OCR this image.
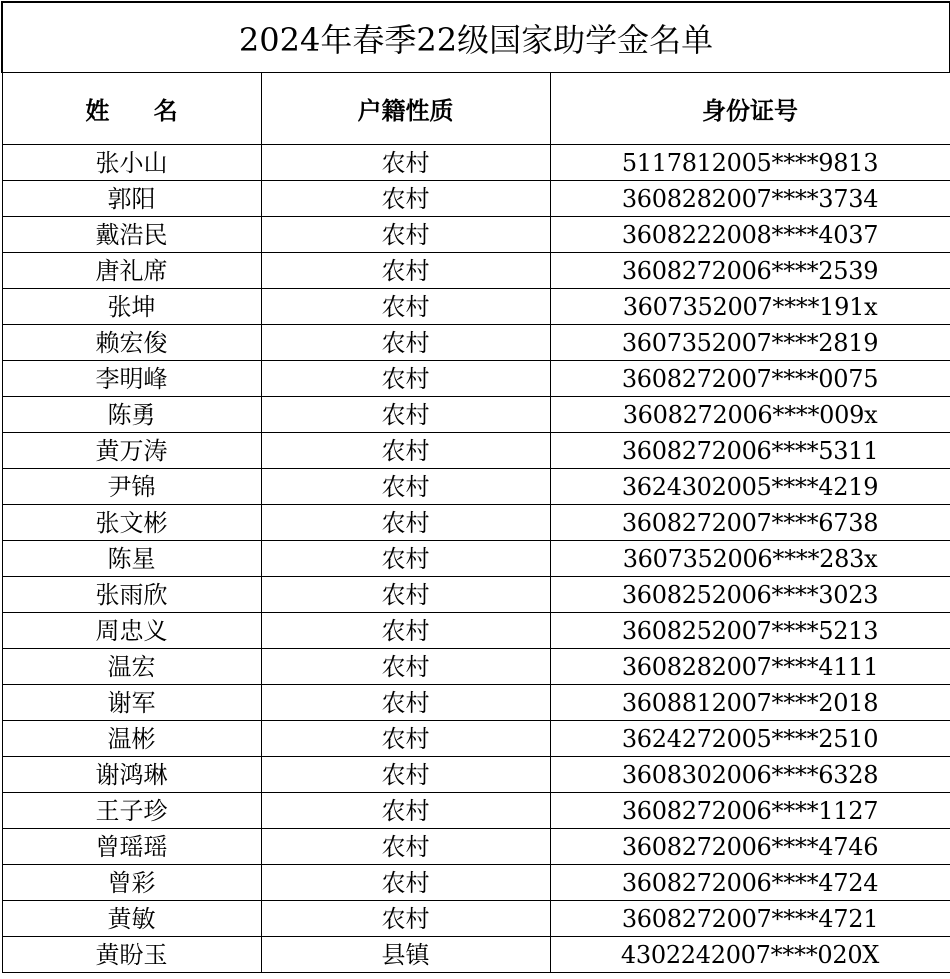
2024年春季22级国家助学金名单		
姓 名	户籍性质	身份证号
张小山	农村	5117812005****9813
郭阳	农村	3608282007****3734
戴浩民	农村	3608222008****4037
唐礼席	农村	3608272006****2539
张坤	农村	3607352007****191x
赖宏俊	农村	3607352007****2819
李明峰	农村	3608272007****0075
陈勇	农村	3608272006****009x
黄万涛	农村	3608272006****5311
尹锦	农村	3624302005****4219
张文彬	农村	3608272007****6738
陈星	农村	3607352006****283x
张雨欣	农村	3608252006****3023
周忠义	农村	3608252007****5213
温宏	农村	3608282007****4111
谢军	农村	3608812007****2018
温彬	农村	3624272005****2510
谢鸿琳	农村	3608302006****6328
王子珍	农村	3608272006****1127
曾瑶瑶	农村	3608272006****4746
曾彩	农村	3608272006****4724
黄敏	农村	3608272007****4721
黄盼玉	县镇	4302242007****020X
